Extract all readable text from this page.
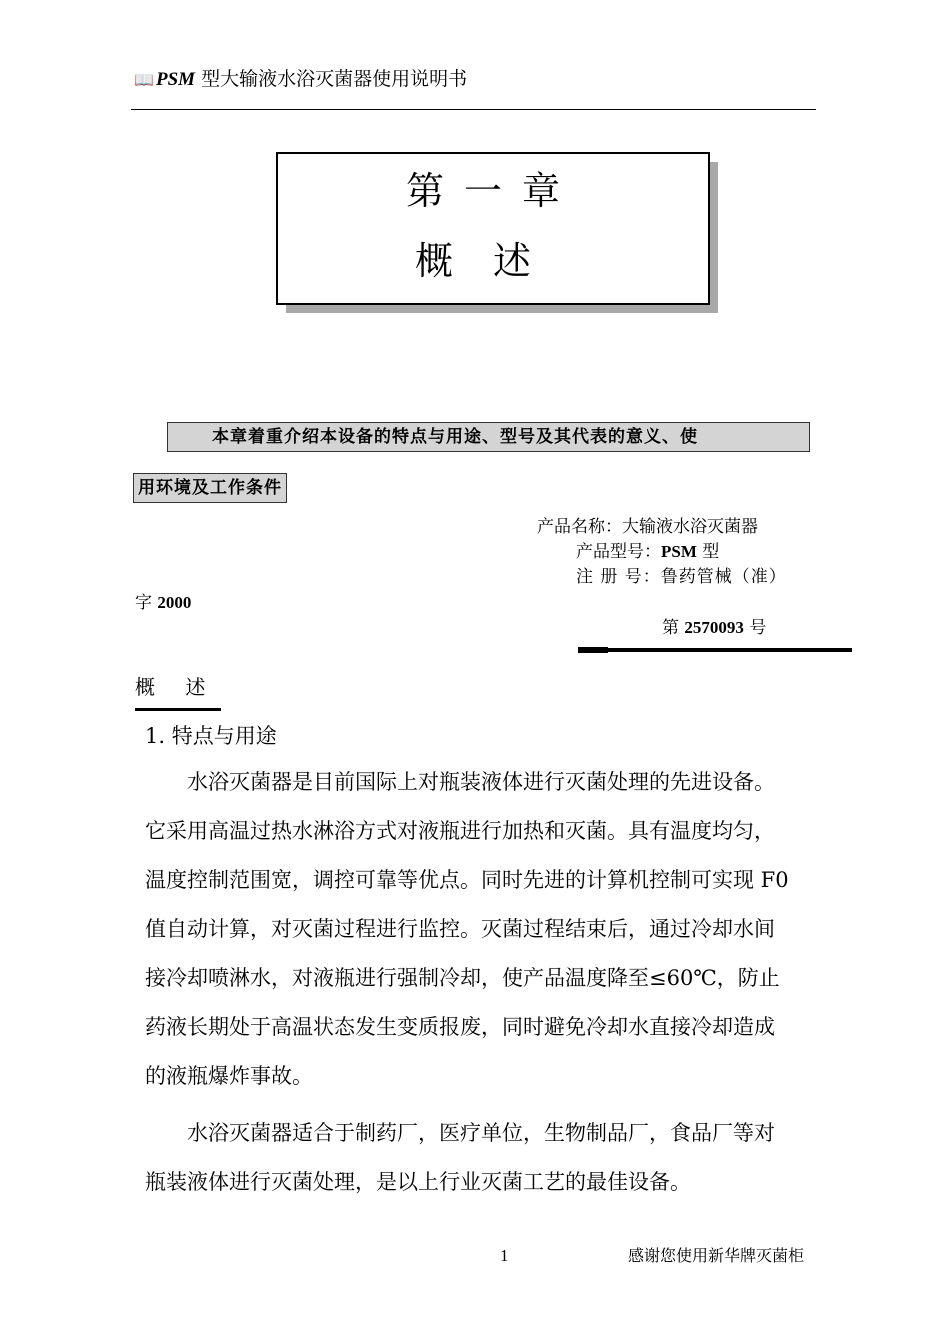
📖 PSM 型大输液水浴灭菌器使用说明书
第一章
概述
本章着重介绍本设备的特点与用途、型号及其代表的意义、使
用环境及工作条件
产品名称：大输液水浴灭菌器
产品型号：PSM 型
注 册 号：鲁药管械（准）
字 2000
第 2570093 号
概 述
1. 特点与用途
水浴灭菌器是目前国际上对瓶装液体进行灭菌处理的先进设备。
它采用高温过热水淋浴方式对液瓶进行加热和灭菌。具有温度均匀，
温度控制范围宽，调控可靠等优点。同时先进的计算机控制可实现 F0
值自动计算，对灭菌过程进行监控。灭菌过程结束后，通过冷却水间
接冷却喷淋水，对液瓶进行强制冷却，使产品温度降至≤60℃，防止
药液长期处于高温状态发生变质报废，同时避免冷却水直接冷却造成
的液瓶爆炸事故。
水浴灭菌器适合于制药厂，医疗单位，生物制品厂，食品厂等对
瓶装液体进行灭菌处理，是以上行业灭菌工艺的最佳设备。
1	感谢您使用新华牌灭菌柜
